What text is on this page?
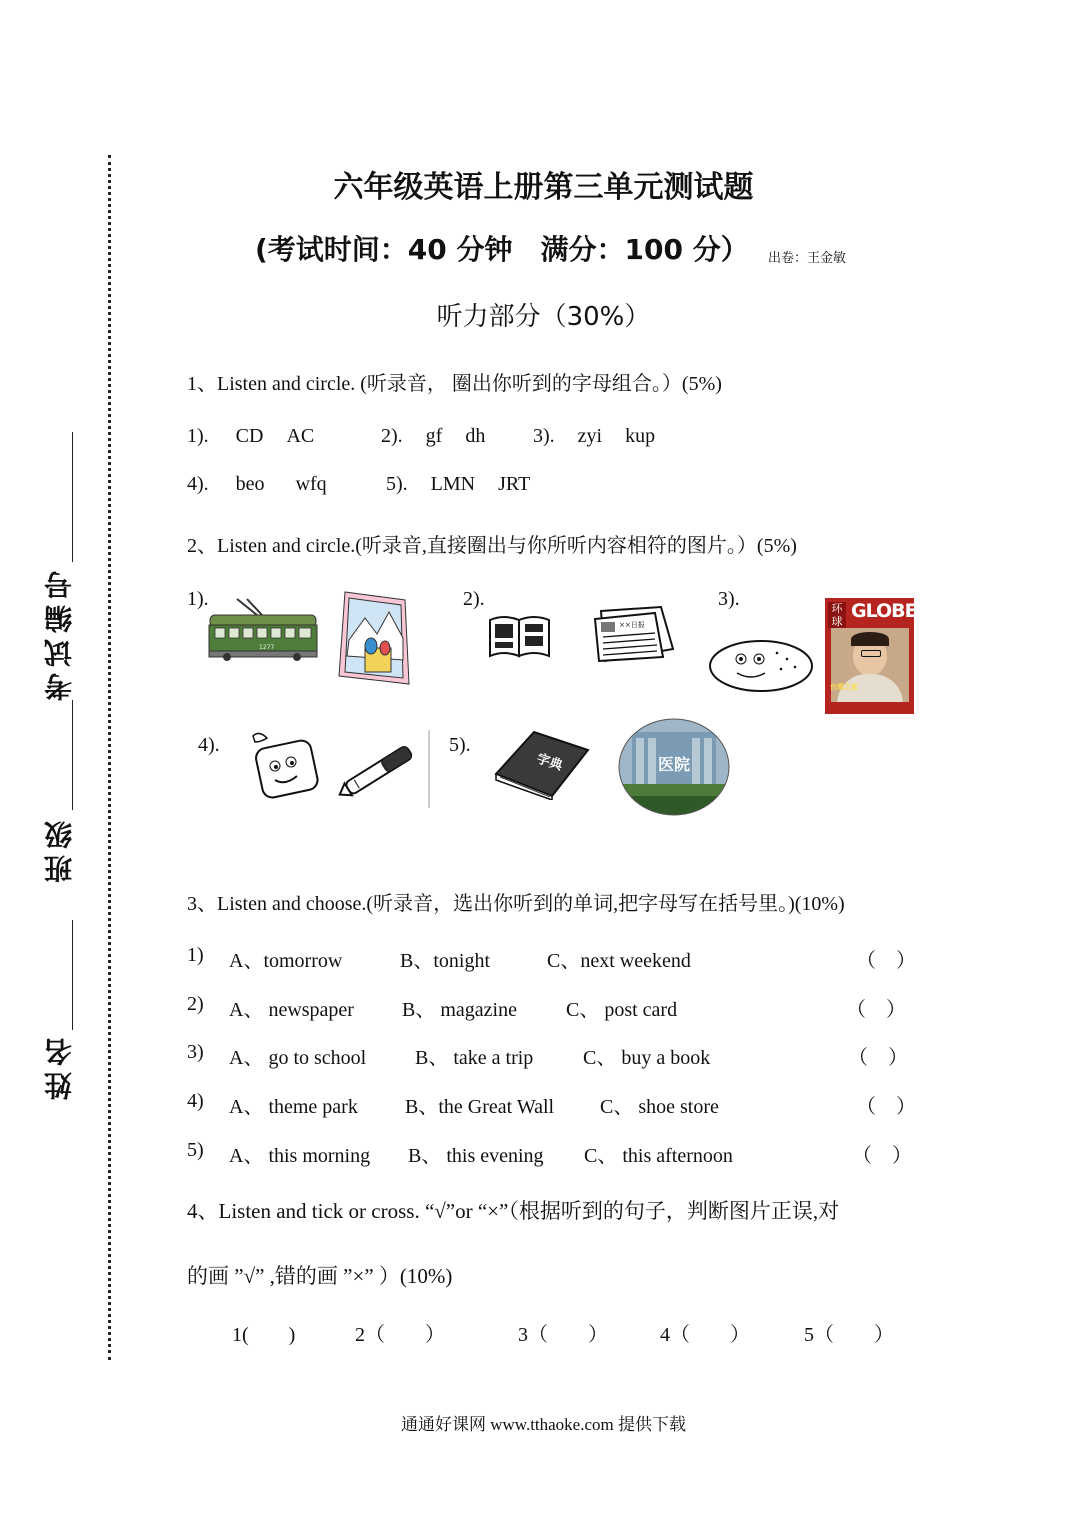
考试编号
班级
姓名
六年级英语上册第三单元测试题
(考试时间：40 分钟　满分：100 分） 出卷：王金敏
听力部分（30%）
1、Listen and circle. (听录音， 圈出你听到的字母组合。）(5%)
1). CD AC	2). gf dh 3). zyi kup
4). beo wfq	5). LMN JRT
2、Listen and circle.(听录音,直接圈出与你所听内容相符的图片。）(5%)
1).	2).	3).
4).	5).
1277
××日报
GLOBE
环球
台湾之家
字典	医院
3、Listen and choose.(听录音，选出你听到的单词,把字母写在括号里。)(10%)
1) A、tomorrow	B、tonight	C、next weekend	（　）
2) A、 newspaper B、 magazine C、 post card	（　）
3) A、 go to school B、 take a trip C、 buy a book	（　）
4) A、 theme park B、the Great Wall C、 shoe store	（　）
5) A、 this morning B、 this evening C、 this afternoon	（　）
4、Listen and tick or cross. “√”or “×”（根据听到的句子，判断图片正误,对
的画 ”√” ,错的画 ”×” ）(10%)
1(　　)	2（　　）	3（　　）	4（　　）	5（　　）
通通好课网 www.tthaoke.com 提供下载
